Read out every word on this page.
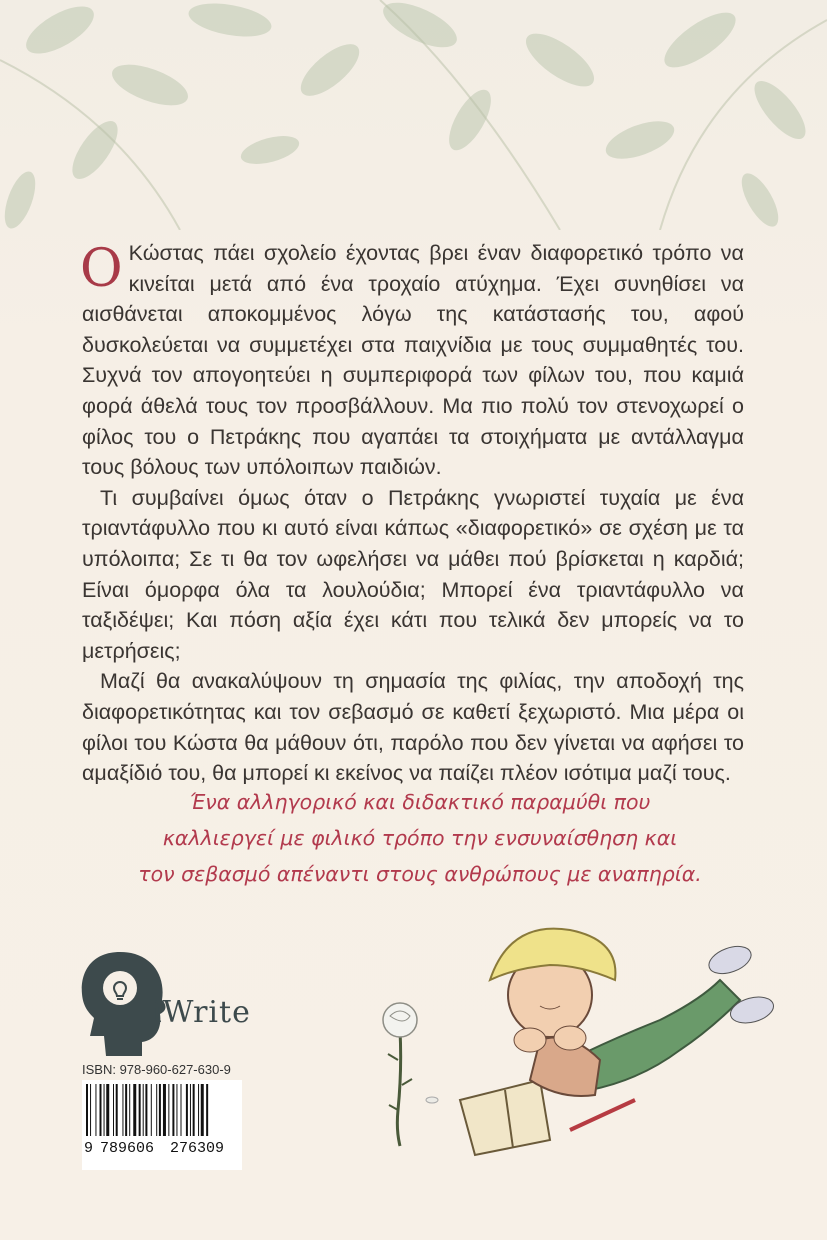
Ο Κώστας πάει σχολείο έχοντας βρει έναν διαφορετικό τρόπο να κινείται μετά από ένα τροχαίο ατύχημα. Έχει συνηθίσει να αισθάνεται αποκομμένος λόγω της κατάστασής του, αφού δυσκολεύεται να συμμετέχει στα παιχνίδια με τους συμμαθητές του. Συχνά τον απογοητεύει η συμπεριφορά των φίλων του, που καμιά φορά άθελά τους τον προσβάλλουν. Μα πιο πολύ τον στενοχωρεί ο φίλος του ο Πετράκης που αγαπάει τα στοιχήματα με αντάλλαγμα τους βόλους των υπόλοιπων παιδιών.

Τι συμβαίνει όμως όταν ο Πετράκης γνωριστεί τυχαία με ένα τριαντάφυλλο που κι αυτό είναι κάπως «διαφορετικό» σε σχέση με τα υπόλοιπα; Σε τι θα τον ωφελήσει να μάθει πού βρίσκεται η καρδιά; Είναι όμορφα όλα τα λουλούδια; Μπορεί ένα τριαντάφυλλο να ταξιδέψει; Και πόση αξία έχει κάτι που τελικά δεν μπορείς να το μετρήσεις;

Μαζί θα ανακαλύψουν τη σημασία της φιλίας, την αποδοχή της διαφορετικότητας και τον σεβασμό σε καθετί ξεχωριστό. Μια μέρα οι φίλοι του Κώστα θα μάθουν ότι, παρόλο που δεν γίνεται να αφήσει το αμαξίδιό του, θα μπορεί κι εκείνος να παίζει πλέον ισότιμα μαζί τους.

Ένα αλληγορικό και διδακτικό παραμύθι που
καλλιεργεί με φιλικό τρόπο την ενσυναίσθηση και
τον σεβασμό απέναντι στους ανθρώπους με αναπηρία.
iWrite
ISBN: 978-960-627-630-9
9 789606 276309
